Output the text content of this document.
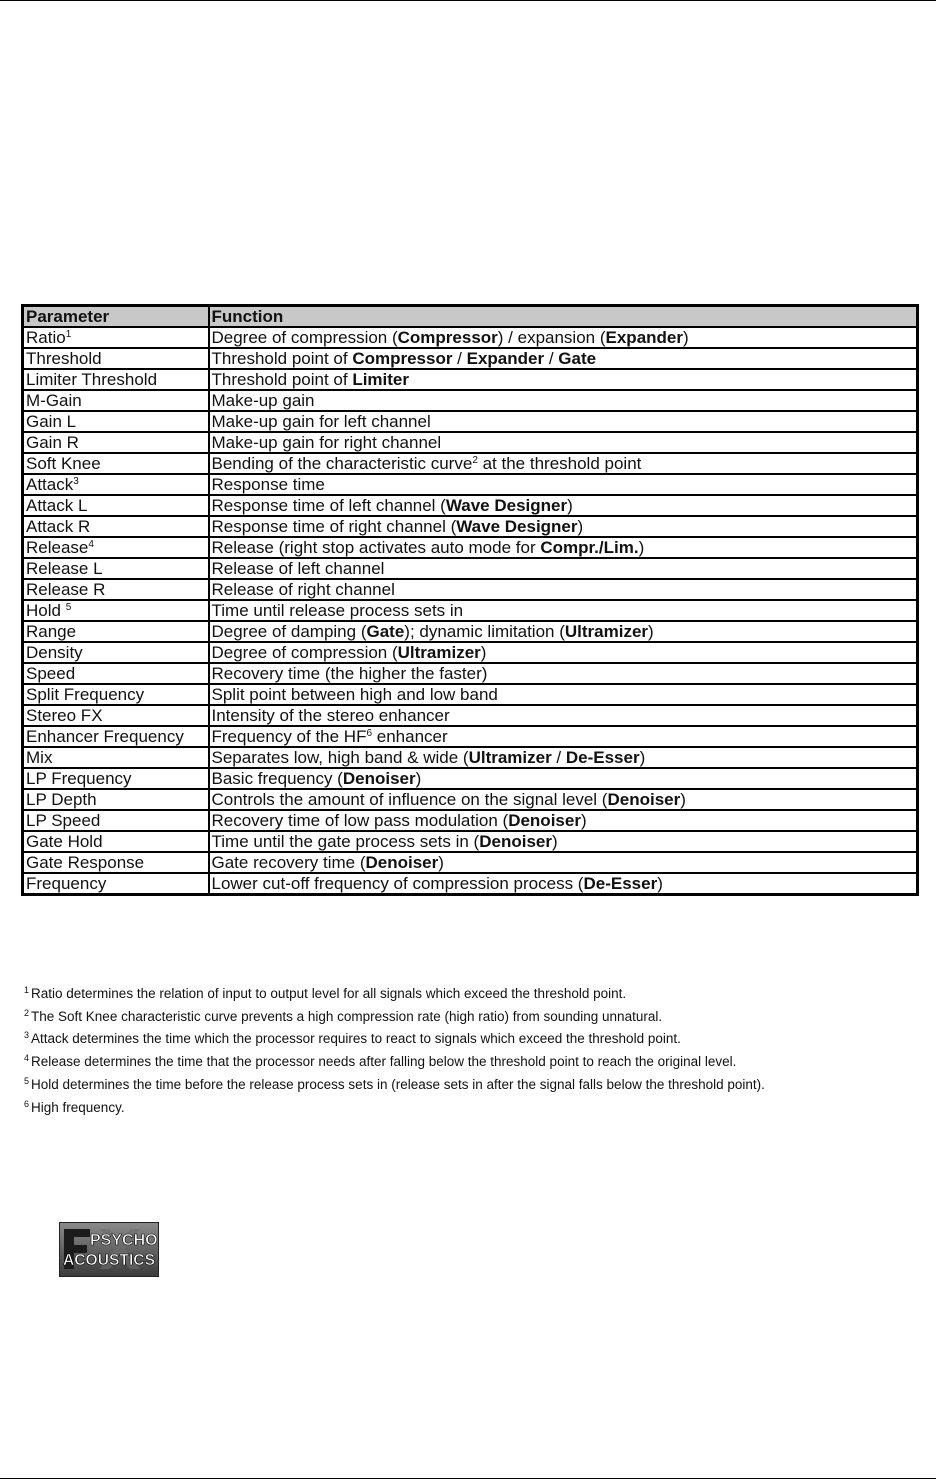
Parameter	Function
Ratio$^1$	Degree of compression (Compressor) / expansion (Expander)
Threshold	Threshold point of Compressor / Expander / Gate
Limiter Threshold	Threshold point of Limiter
M-Gain	Make-up gain
Gain L	Make-up gain for left channel
Gain R	Make-up gain for right channel
Soft Knee	Bending of the characteristic curve$^2$ at the threshold point
Attack$^3$	Response time
Attack L	Response time of left channel (Wave Designer)
Attack R	Response time of right channel (Wave Designer)
Release$^4$	Release (right stop activates auto mode for Compr./Lim.)
Release L	Release of left channel
Release R	Release of right channel
Hold $^5$	Time until release process sets in
Range	Degree of damping (Gate); dynamic limitation (Ultramizer)
Density	Degree of compression (Ultramizer)
Speed	Recovery time (the higher the faster)
Split Frequency	Split point between high and low band
Stereo FX	Intensity of the stereo enhancer
Enhancer Frequency	Frequency of the $HF^6$ enhancer
Mix	Separates low, high band & wide (Ultramizer / De-Esser)
LP Frequency	Basic frequency (Denoiser)
LP Depth	Controls the amount of influence on the signal level (Denoiser)
LP Speed	Recovery time of low pass modulation (Denoiser)
Gate Hold	Time until the gate process sets in (Denoiser)
Gate Response	Gate recovery time (Denoiser)
Frequency	Lower cut-off frequency of compression process (De-Esser)
$^1$ Ratio determines the relation of input to output level for all signals which exceed the threshold point.
$^2$ The Soft Knee characteristic curve prevents a high compression rate (high ratio) from sounding unnatural.
$^3$ Attack determines the time which the processor requires to react to signals which exceed the threshold point.
$^4$ Release determines the time that the processor needs after falling below the threshold point to reach the original level.
$^5$ Hold determines the time before the release process sets in (release sets in after the signal falls below the threshold point).
$^6$ High frequency.
PSYCHO
ACOUSTICS
